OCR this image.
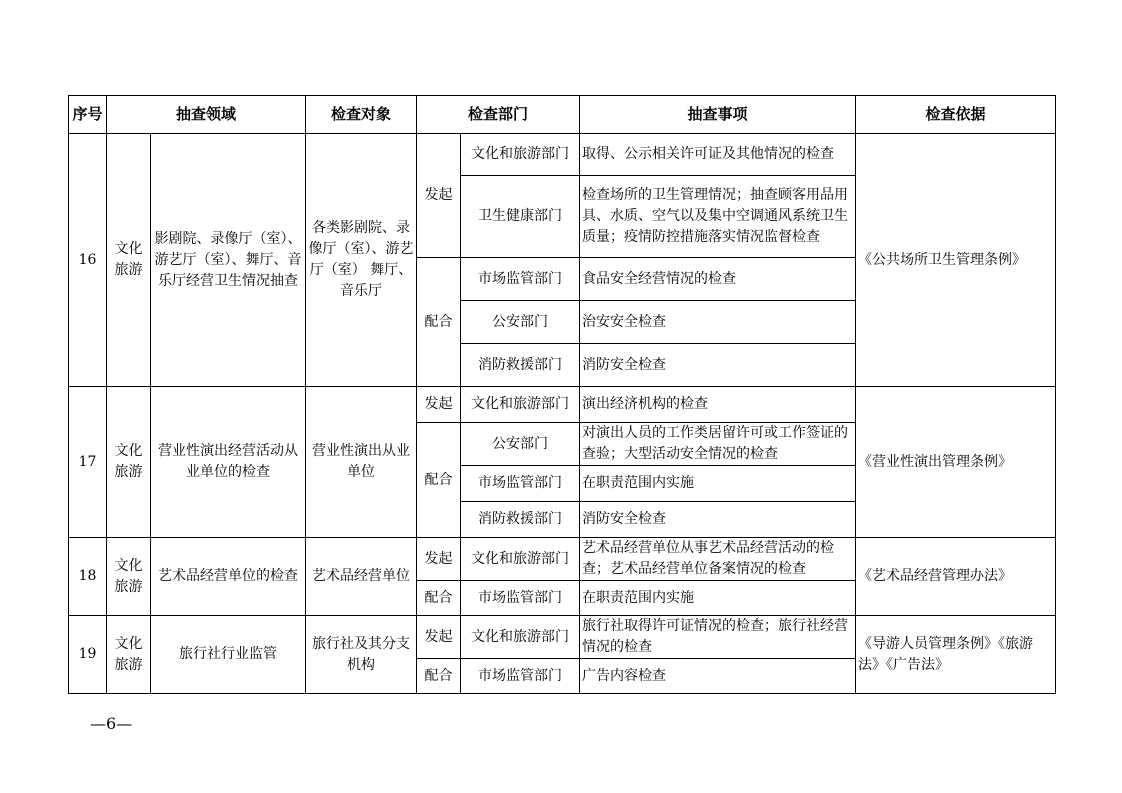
序号	抽查领域		检查对象	检查部门		抽查事项	检查依据
16	文化旅游	影剧院、录像厅（室）、游艺厅（室）、舞厅、音乐厅经营卫生情况抽查	各类影剧院、录像厅（室）、游艺厅（室） 舞厅、音乐厅	发起	文化和旅游部门	取得、公示相关许可证及其他情况的检查	《公共场所卫生管理条例》
					卫生健康部门	检查场所的卫生管理情况；抽查顾客用品用具、水质、空气以及集中空调通风系统卫生质量；疫情防控措施落实情况监督检查	
				配合	市场监管部门	食品安全经营情况的检查	
					公安部门	治安安全检查	
					消防救援部门	消防安全检查	
17	文化旅游	营业性演出经营活动从业单位的检查	营业性演出从业单位	发起	文化和旅游部门	演出经济机构的检查	《营业性演出管理条例》
				配合	公安部门	对演出人员的工作类居留许可或工作签证的查验；大型活动安全情况的检查	
					市场监管部门	在职责范围内实施	
					消防救援部门	消防安全检查	
18	文化旅游	艺术品经营单位的检查	艺术品经营单位	发起	文化和旅游部门	艺术品经营单位从事艺术品经营活动的检查；艺术品经营单位备案情况的检查	《艺术品经营管理办法》
				配合	市场监管部门	在职责范围内实施	
19	文化旅游	旅行社行业监管	旅行社及其分支机构	发起	文化和旅游部门	旅行社取得许可证情况的检查；旅行社经营情况的检查	《导游人员管理条例》《旅游法》《广告法》
				配合	市场监管部门	广告内容检查	
—6—
